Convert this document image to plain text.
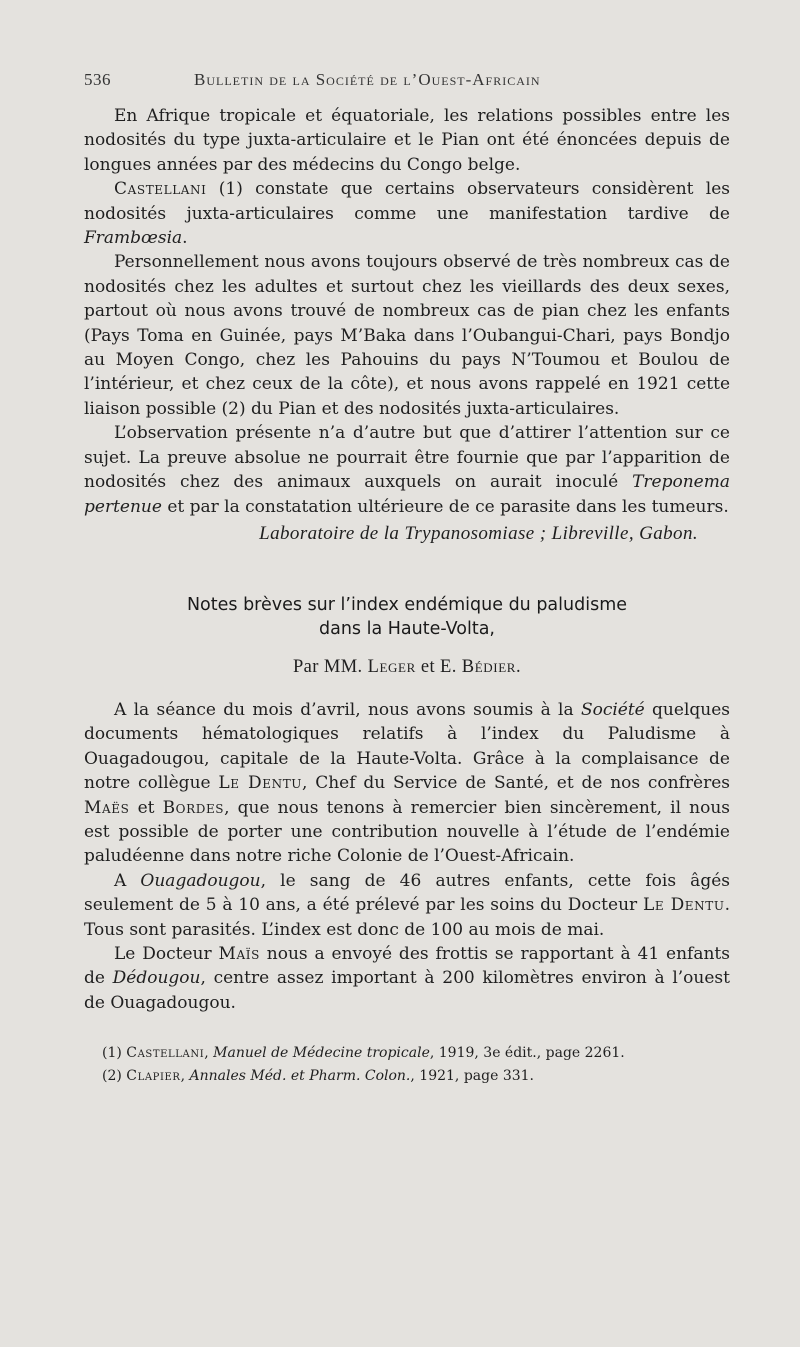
536	Bulletin de la Société de l’Ouest-Africain

En Afrique tropicale et équatoriale, les relations possibles entre les nodosités du type juxta-articulaire et le Pian ont été énoncées depuis de longues années par des médecins du Congo belge.

Castellani (1) constate que certains observateurs considèrent les nodosités juxta-articulaires comme une manifestation tardive de Frambœsia.

Personnellement nous avons toujours observé de très nombreux cas de nodosités chez les adultes et surtout chez les vieillards des deux sexes, partout où nous avons trouvé de nombreux cas de pian chez les enfants (Pays Toma en Guinée, pays M’Baka dans l’Oubangui-Chari, pays Bondjo au Moyen Congo, chez les Pahouins du pays N’Toumou et Boulou de l’intérieur, et chez ceux de la côte), et nous avons rappelé en 1921 cette liaison possible (2) du Pian et des nodosités juxta-articulaires.

L’observation présente n’a d’autre but que d’attirer l’attention sur ce sujet. La preuve absolue ne pourrait être fournie que par l’apparition de nodosités chez des animaux auxquels on aurait inoculé Treponema pertenue et par la constatation ultérieure de ce parasite dans les tumeurs.

Laboratoire de la Trypanosomiase ; Libreville, Gabon.
Notes brèves sur l’index endémique du paludisme
dans la Haute-Volta,
Par MM. Leger et E. Bédier.

A la séance du mois d’avril, nous avons soumis à la Société quelques documents hématologiques relatifs à l’index du Paludisme à Ouagadougou, capitale de la Haute-Volta. Grâce à la complaisance de notre collègue Le Dentu, Chef du Service de Santé, et de nos confrères Maës et Bordes, que nous tenons à remercier bien sincèrement, il nous est possible de porter une contribution nouvelle à l’étude de l’endémie paludéenne dans notre riche Colonie de l’Ouest-Africain.

A Ouagadougou, le sang de 46 autres enfants, cette fois âgés seulement de 5 à 10 ans, a été prélevé par les soins du Docteur Le Dentu. Tous sont parasités. L’index est donc de 100 au mois de mai.

Le Docteur Maïs nous a envoyé des frottis se rapportant à 41 enfants de Dédougou, centre assez important à 200 kilomètres environ à l’ouest de Ouagadougou.

(1) Castellani, Manuel de Médecine tropicale, 1919, 3e édit., page 2261.

(2) Clapier, Annales Méd. et Pharm. Colon., 1921, page 331.
